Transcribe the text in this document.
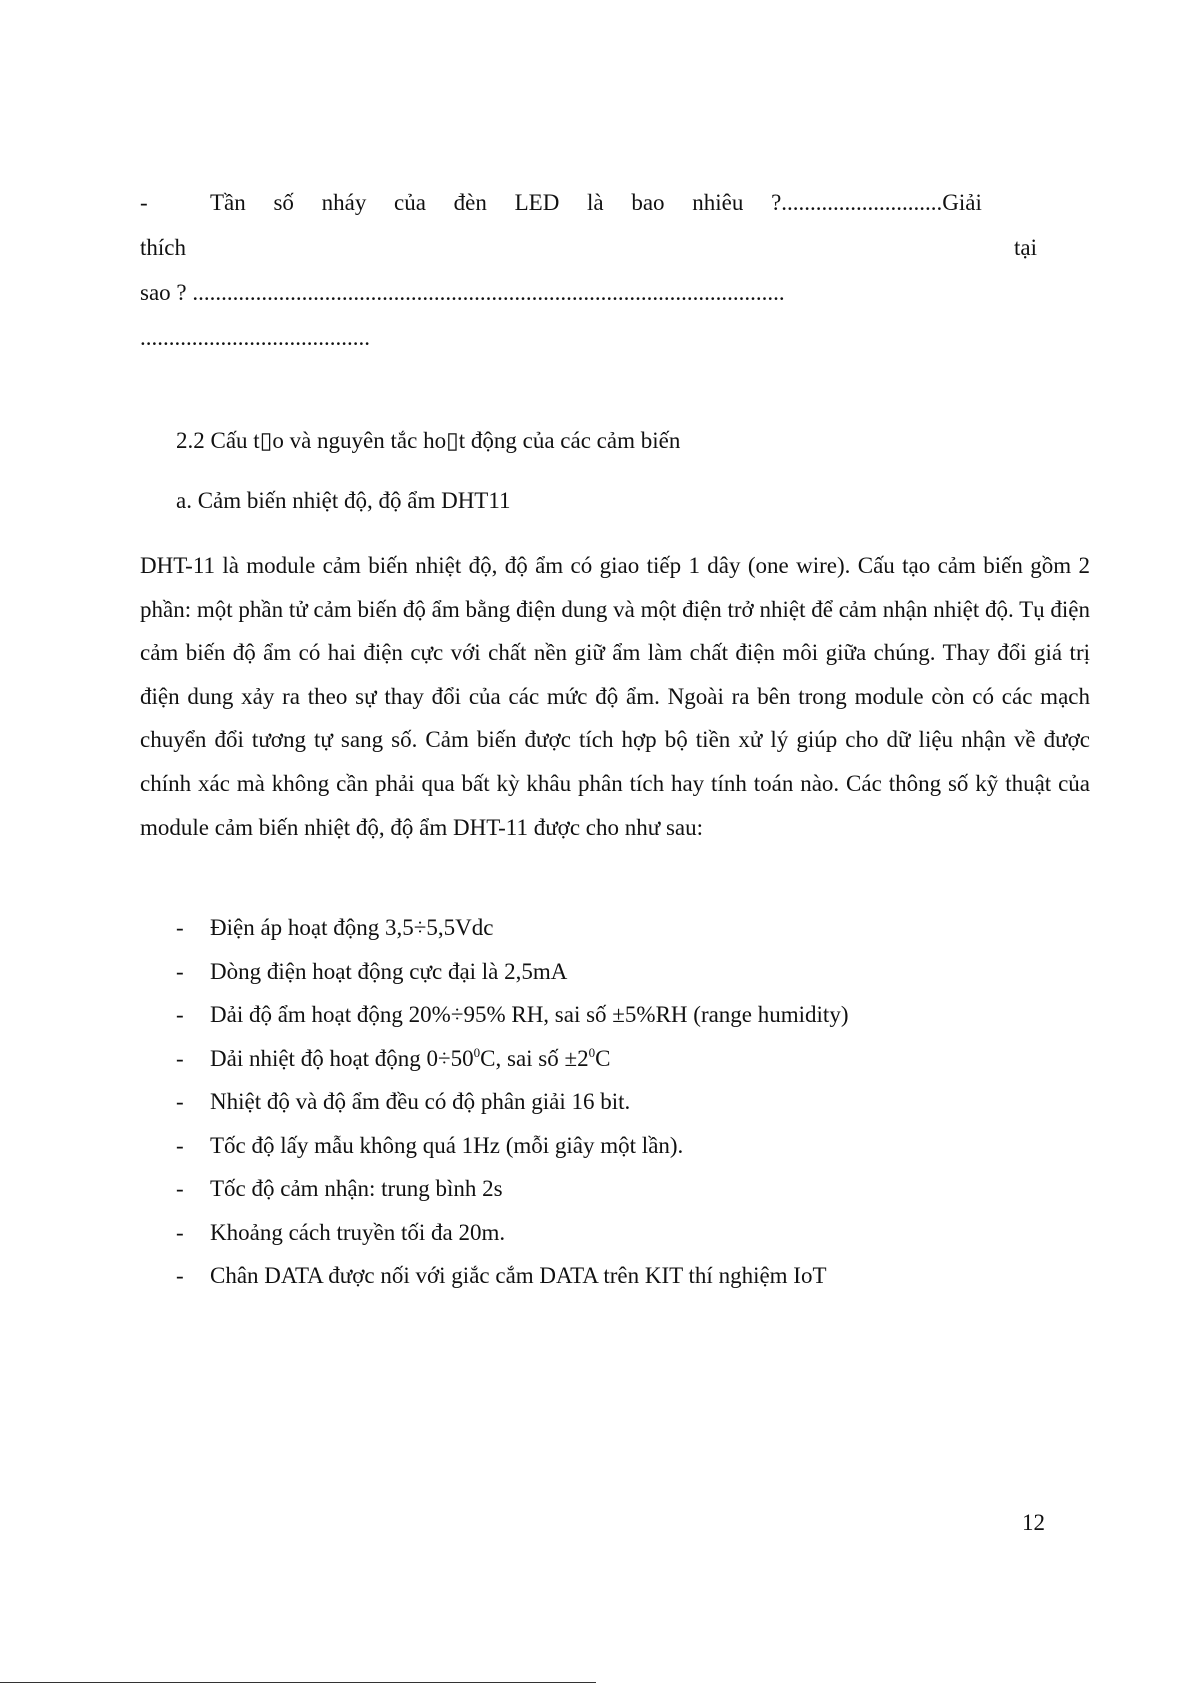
-	Tần số nháy của đèn LED là bao nhiêu ?............................Giải
thích	tại
sao ? .......................................................................................................
........................................
2.2 Cấu t▯o và nguyên tắc ho▯t động của các cảm biến
a. Cảm biến nhiệt độ, độ ẩm DHT11
DHT-11 là module cảm biến nhiệt độ, độ ẩm có giao tiếp 1 dây (one wire). Cấu tạo cảm biến gồm 2 phần: một phần tử cảm biến độ ẩm bằng điện dung và một điện trở nhiệt để cảm nhận nhiệt độ. Tụ điện cảm biến độ ẩm có hai điện cực với chất nền giữ ẩm làm chất điện môi giữa chúng. Thay đổi giá trị điện dung xảy ra theo sự thay đổi của các mức độ ẩm. Ngoài ra bên trong module còn có các mạch chuyển đổi tương tự sang số. Cảm biến được tích hợp bộ tiền xử lý giúp cho dữ liệu nhận về được chính xác mà không cần phải qua bất kỳ khâu phân tích hay tính toán nào. Các thông số kỹ thuật của module cảm biến nhiệt độ, độ ẩm DHT-11 được cho như sau:
- Điện áp hoạt động 3,5÷5,5Vdc
- Dòng điện hoạt động cực đại là 2,5mA
- Dải độ ẩm hoạt động 20%÷95% RH, sai số ±5%RH (range humidity)
- Dải nhiệt độ hoạt động $0\div 50^0C$, sai số $\pm 2^0C$
- Nhiệt độ và độ ẩm đều có độ phân giải 16 bit.
- Tốc độ lấy mẫu không quá 1Hz (mỗi giây một lần).
- Tốc độ cảm nhận: trung bình 2s
- Khoảng cách truyền tối đa 20m.
- Chân DATA được nối với giắc cắm DATA trên KIT thí nghiệm IoT
12
